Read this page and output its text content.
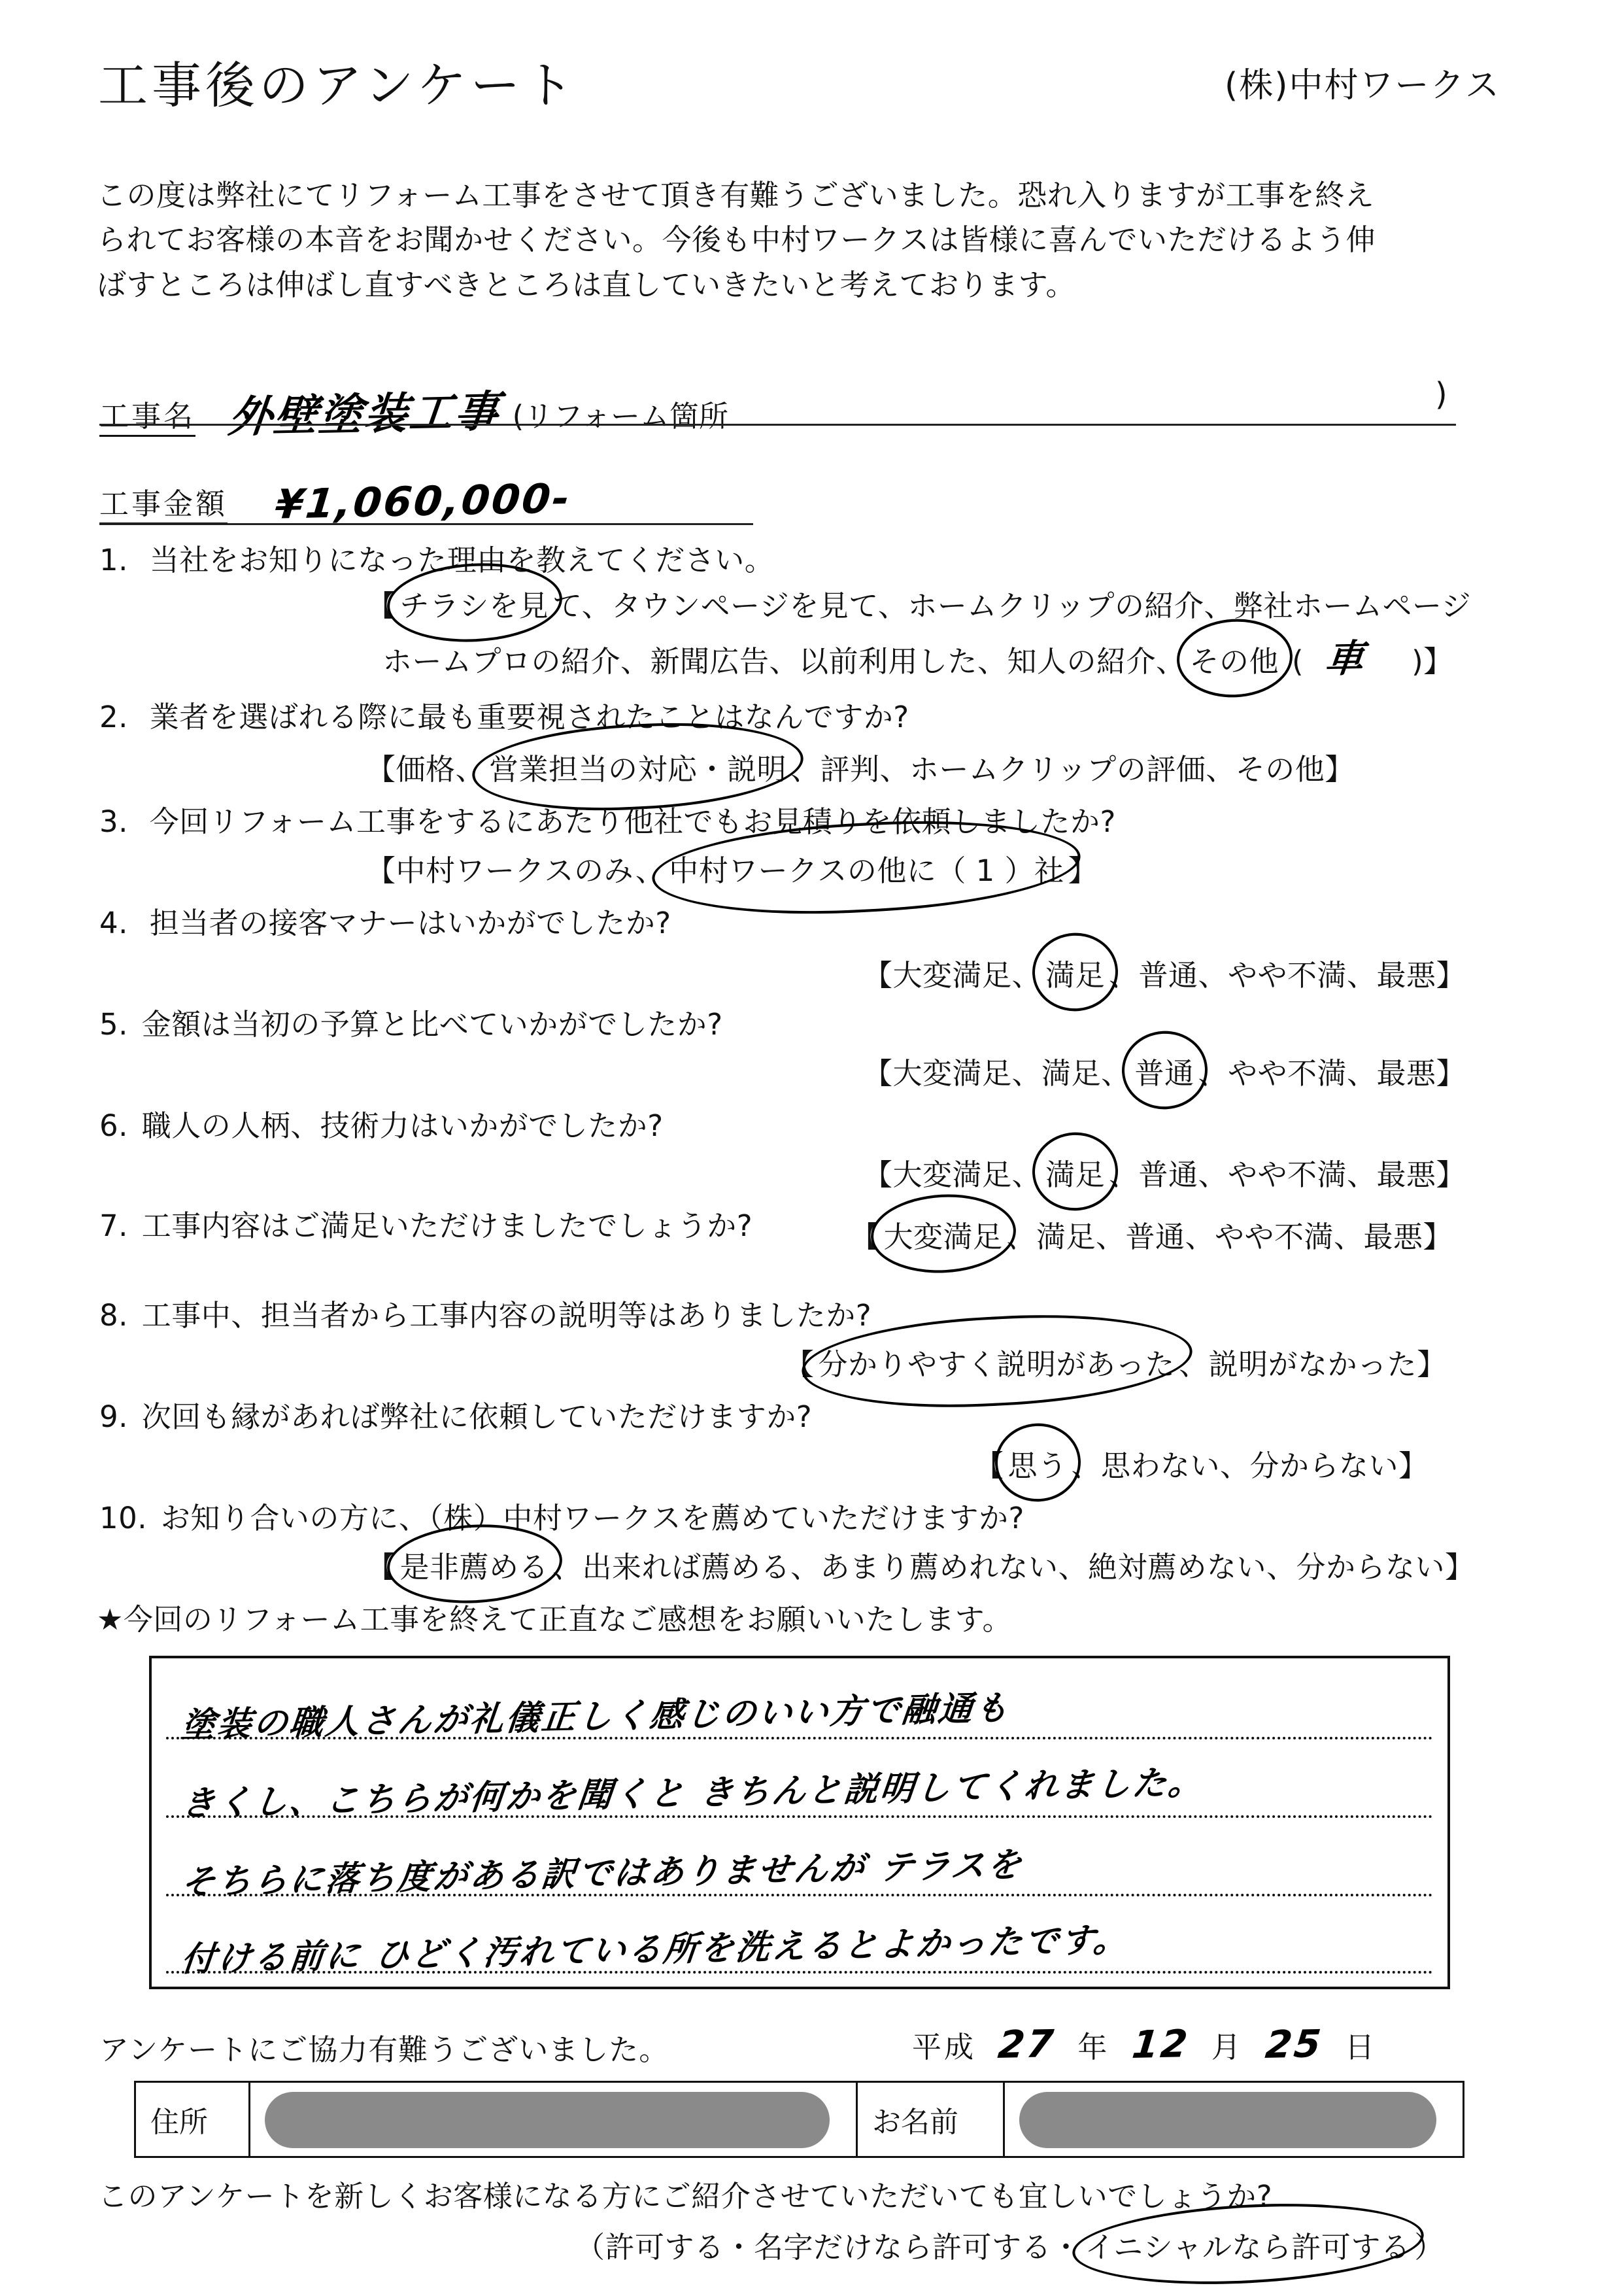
工事後のアンケート	(株)中村ワークス
この度は弊社にてリフォーム工事をさせて頂き有難うございました。恐れ入りますが工事を終え
られてお客様の本音をお聞かせください。今後も中村ワークスは皆様に喜んでいただけるよう伸
ばすところは伸ばし直すべきところは直していきたいと考えております。
工事名 外壁塗装工事 (リフォーム箇所
)
工事金額 ¥1,060,000-
1. 当社をお知りになった理由を教えてください。
【 チラシを見 て、タウンページを見て、ホームクリップの紹介、弊社ホームページ
ホームプロの紹介、新聞広告、以前利用した、知人の紹介、 その他 ( 車 )】
2. 業者を選ばれる際に最も重要視されたことはなんですか?
【価格、 営業担当の対応・説明 、評判、ホームクリップの評価、その他】
3. 今回リフォーム工事をするにあたり他社でもお見積りを依頼しましたか?
【中村ワークスのみ、 中村ワークスの他に（ 1 ）社 】
4. 担当者の接客マナーはいかがでしたか?
【大変満足、 満足 、普通、やや不満、最悪】
5. 金額は当初の予算と比べていかがでしたか?
【大変満足、満足、 普通 、やや不満、最悪】
6. 職人の人柄、技術力はいかがでしたか?
【大変満足、 満足 、普通、やや不満、最悪】
7. 工事内容はご満足いただけましたでしょうか?	【 大変満足 、満足、普通、やや不満、最悪】
8. 工事中、担当者から工事内容の説明等はありましたか?
【 分かりやすく説明があった 、説明がなかった】
9. 次回も縁があれば弊社に依頼していただけますか?
【 思う 、思わない、分からない】
10. お知り合いの方に、（株）中村ワークスを薦めていただけますか?
【 是非薦める 、出来れば薦める、あまり薦めれない、絶対薦めない、分からない】
★今回のリフォーム工事を終えて正直なご感想をお願いいたします。
塗装の職人さんが礼儀正しく感じのいい方で融通も
きくし、こちらが何かを聞くと きちんと説明してくれました。
そちらに落ち度がある訳ではありませんが テラスを
付ける前に ひどく汚れている所を洗えるとよかったです。
アンケートにご協力有難うございました。	平成 27 年 12 月 25 日
住所	お名前
このアンケートを新しくお客様になる方にご紹介させていただいても宜しいでしょうか?
（許可する・名字だけなら許可する・ イニシャルなら許可する ）
